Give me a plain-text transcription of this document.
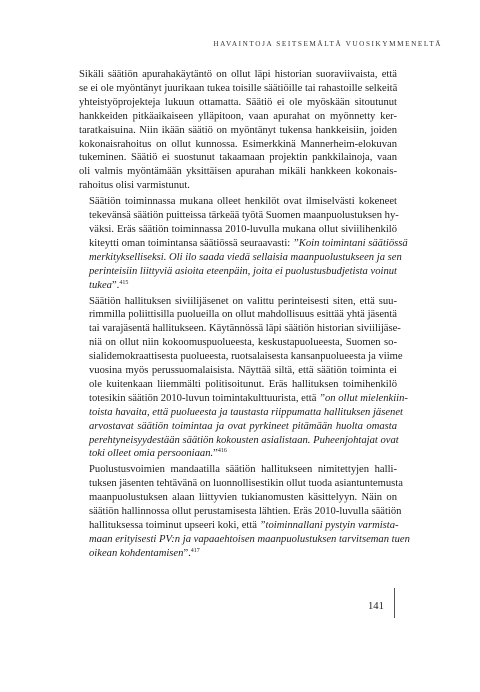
HAVAINTOJA SEITSEMÄLTÄ VUOSIKYMMENELTÄ
Sikäli säätiön apurahakäytäntö on ollut läpi historian suoraviivaista, että
se ei ole myöntänyt juurikaan tukea toisille säätiöille tai rahastoille selkeitä
yhteistyöprojekteja lukuun ottamatta. Säätiö ei ole myöskään sitoutunut
hankkeiden pitkäaikaiseen ylläpitoon, vaan apurahat on myönnetty ker-
taratkaisuina. Niin ikään säätiö on myöntänyt tukensa hankkeisiin, joiden
kokonaisrahoitus on ollut kunnossa. Esimerkkinä Mannerheim-elokuvan
tukeminen. Säätiö ei suostunut takaamaan projektin pankkilainoja, vaan
oli valmis myöntämään yksittäisen apurahan mikäli hankkeen kokonais-
rahoitus olisi varmistunut.
Säätiön toiminnassa mukana olleet henkilöt ovat ilmiselvästi kokeneet
tekevänsä säätiön puitteissa tärkeää työtä Suomen maanpuolustuksen hy-
väksi. Eräs säätiön toiminnassa 2010-luvulla mukana ollut siviilihenkilö
kiteytti oman toimintansa säätiössä seuraavasti: ”Koin toimintani säätiössä
merkitykselliseksi. Oli ilo saada viedä sellaisia maanpuolustukseen ja sen
perinteisiin liittyviä asioita eteenpäin, joita ei puolustusbudjetista voinut
tukea”.$^{415}$
Säätiön hallituksen siviilijäsenet on valittu perinteisesti siten, että suu-
rimmilla poliittisilla puolueilla on ollut mahdollisuus esittää yhtä jäsentä
tai varajäsentä hallitukseen. Käytännössä läpi säätiön historian siviilijäse-
niä on ollut niin kokoomuspuolueesta, keskustapuolueesta, Suomen so-
sialidemokraattisesta puolueesta, ruotsalaisesta kansanpuolueesta ja viime
vuosina myös perussuomalaisista. Näyttää siltä, että säätiön toiminta ei
ole kuitenkaan liiemmälti politisoitunut. Eräs hallituksen toimihenkilö
totesikin säätiön 2010-luvun toimintakulttuurista, että ”on ollut mielenkiin-
toista havaita, että puolueesta ja taustasta riippumatta hallituksen jäsenet
arvostavat säätiön toimintaa ja ovat pyrkineet pitämään huolta omasta
perehtyneisyydestään säätiön kokousten asialistaan. Puheenjohtajat ovat
toki olleet omia persooniaan.”$^{416}$
Puolustusvoimien mandaatilla säätiön hallitukseen nimitettyjen halli-
tuksen jäsenten tehtävänä on luonnollisestikin ollut tuoda asiantuntemusta
maanpuolustuksen alaan liittyvien tukianomusten käsittelyyn. Näin on
säätiön hallinnossa ollut perustamisesta lähtien. Eräs 2010-luvulla säätiön
hallituksessa toiminut upseeri koki, että ”toiminnallani pystyin varmista-
maan erityisesti PV:n ja vapaaehtoisen maanpuolustuksen tarvitseman tuen
oikean kohdentamisen”.$^{417}$
141
